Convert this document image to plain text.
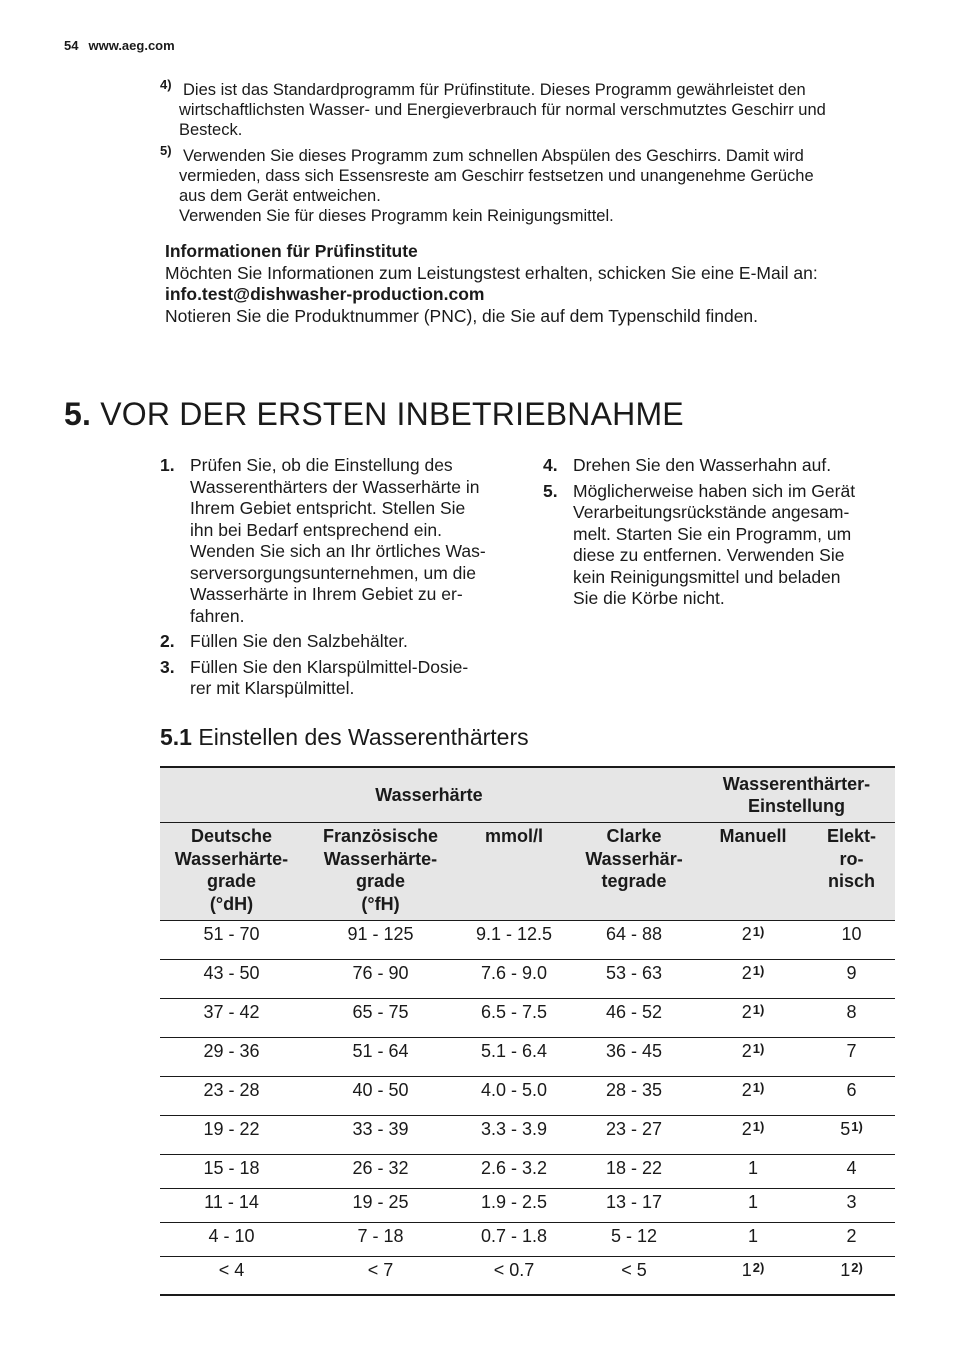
54 www.aeg.com
4) Dies ist das Standardprogramm für Prüfinstitute. Dieses Programm gewährleistet den

wirtschaftlichsten Wasser- und Energieverbrauch für normal verschmutztes Geschirr und

Besteck.

5) Verwenden Sie dieses Programm zum schnellen Abspülen des Geschirrs. Damit wird

vermieden, dass sich Essensreste am Geschirr festsetzen und unangenehme Gerüche

aus dem Gerät entweichen.

Verwenden Sie für dieses Programm kein Reinigungsmittel.

Informationen für Prüfinstitute

Möchten Sie Informationen zum Leistungstest erhalten, schicken Sie eine E-Mail an:

info.test@dishwasher-production.com

Notieren Sie die Produktnummer (PNC), die Sie auf dem Typenschild finden.

5. VOR DER ERSTEN INBETRIEBNAHME
1. Prüfen Sie, ob die Einstellung des
Wasserenthärters der Wasserhärte in
Ihrem Gebiet entspricht. Stellen Sie
ihn bei Bedarf entsprechend ein.
Wenden Sie sich an Ihr örtliches Was-
serversorgungsunternehmen, um die
Wasserhärte in Ihrem Gebiet zu er-
fahren.
2. Füllen Sie den Salzbehälter.
3. Füllen Sie den Klarspülmittel-Dosie-
rer mit Klarspülmittel.
4. Drehen Sie den Wasserhahn auf.
5. Möglicherweise haben sich im Gerät
Verarbeitungsrückstände angesam-
melt. Starten Sie ein Programm, um
diese zu entfernen. Verwenden Sie
kein Reinigungsmittel und beladen
Sie die Körbe nicht.
5.1 Einstellen des Wasserenthärters
Wasserhärte				Wasserenthärter-
Einstellung	
Deutsche
Wasserhärte-
grade
(°dH)	Französische
Wasserhärte-
grade
(°fH)	mmol/l	Clarke
Wasserhär-
tegrade	Manuell	Elekt-
ro-
nisch
51 - 70	91 - 125	9.1 - 12.5	64 - 88	2$^{1)}$	10
43 - 50	76 - 90	7.6 - 9.0	53 - 63	2$^{1)}$	9
37 - 42	65 - 75	6.5 - 7.5	46 - 52	2$^{1)}$	8
29 - 36	51 - 64	5.1 - 6.4	36 - 45	2$^{1)}$	7
23 - 28	40 - 50	4.0 - 5.0	28 - 35	2$^{1)}$	6
19 - 22	33 - 39	3.3 - 3.9	23 - 27	2$^{1)}$	5$^{1)}$
15 - 18	26 - 32	2.6 - 3.2	18 - 22	1	4
11 - 14	19 - 25	1.9 - 2.5	13 - 17	1	3
4 - 10	7 - 18	0.7 - 1.8	5 - 12	1	2
< 4	< 7	< 0.7	< 5	1$^{2)}$	1$^{2)}$
